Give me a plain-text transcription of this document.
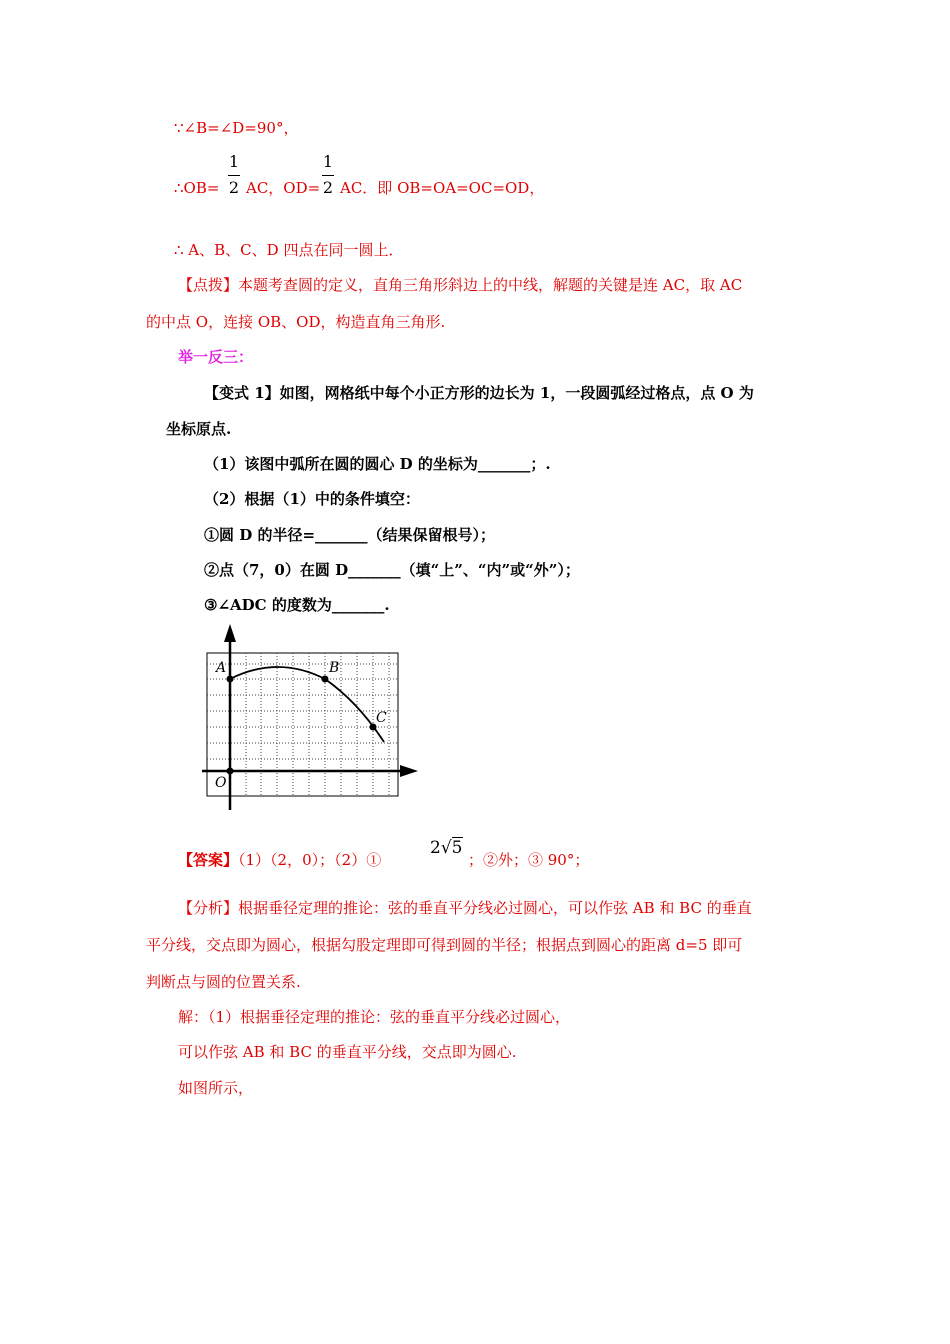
∵∠B=∠D=90°，
1
2
1
2
∴OB= AC，OD= AC．即 OB=OA=OC=OD，
∴ A、B、C、D 四点在同一圆上．
【点拨】本题考查圆的定义，直角三角形斜边上的中线，解题的关键是连 AC，取 AC
的中点 O，连接 OB、OD，构造直角三角形.
举一反三：
【变式 1】如图，网格纸中每个小正方形的边长为 1，一段圆弧经过格点，点 O 为
坐标原点.
（1）该图中弧所在圆的圆心 D 的坐标为_______；.
（2）根据（1）中的条件填空：
①圆 D 的半径=_______（结果保留根号）；
②点（7，0）在圆 D_______（填“上”、“内”或“外”）；
③∠ADC 的度数为_______.
A	B
C
O
【答案】（1）（2，0）；（2）①
2√5
；②外；③ 90°；
【分析】根据垂径定理的推论：弦的垂直平分线必过圆心，可以作弦 AB 和 BC 的垂直
平分线，交点即为圆心，根据勾股定理即可得到圆的半径；根据点到圆心的距离 d=5 即可
判断点与圆的位置关系.
解：（1）根据垂径定理的推论：弦的垂直平分线必过圆心，
可以作弦 AB 和 BC 的垂直平分线，交点即为圆心.
如图所示，
